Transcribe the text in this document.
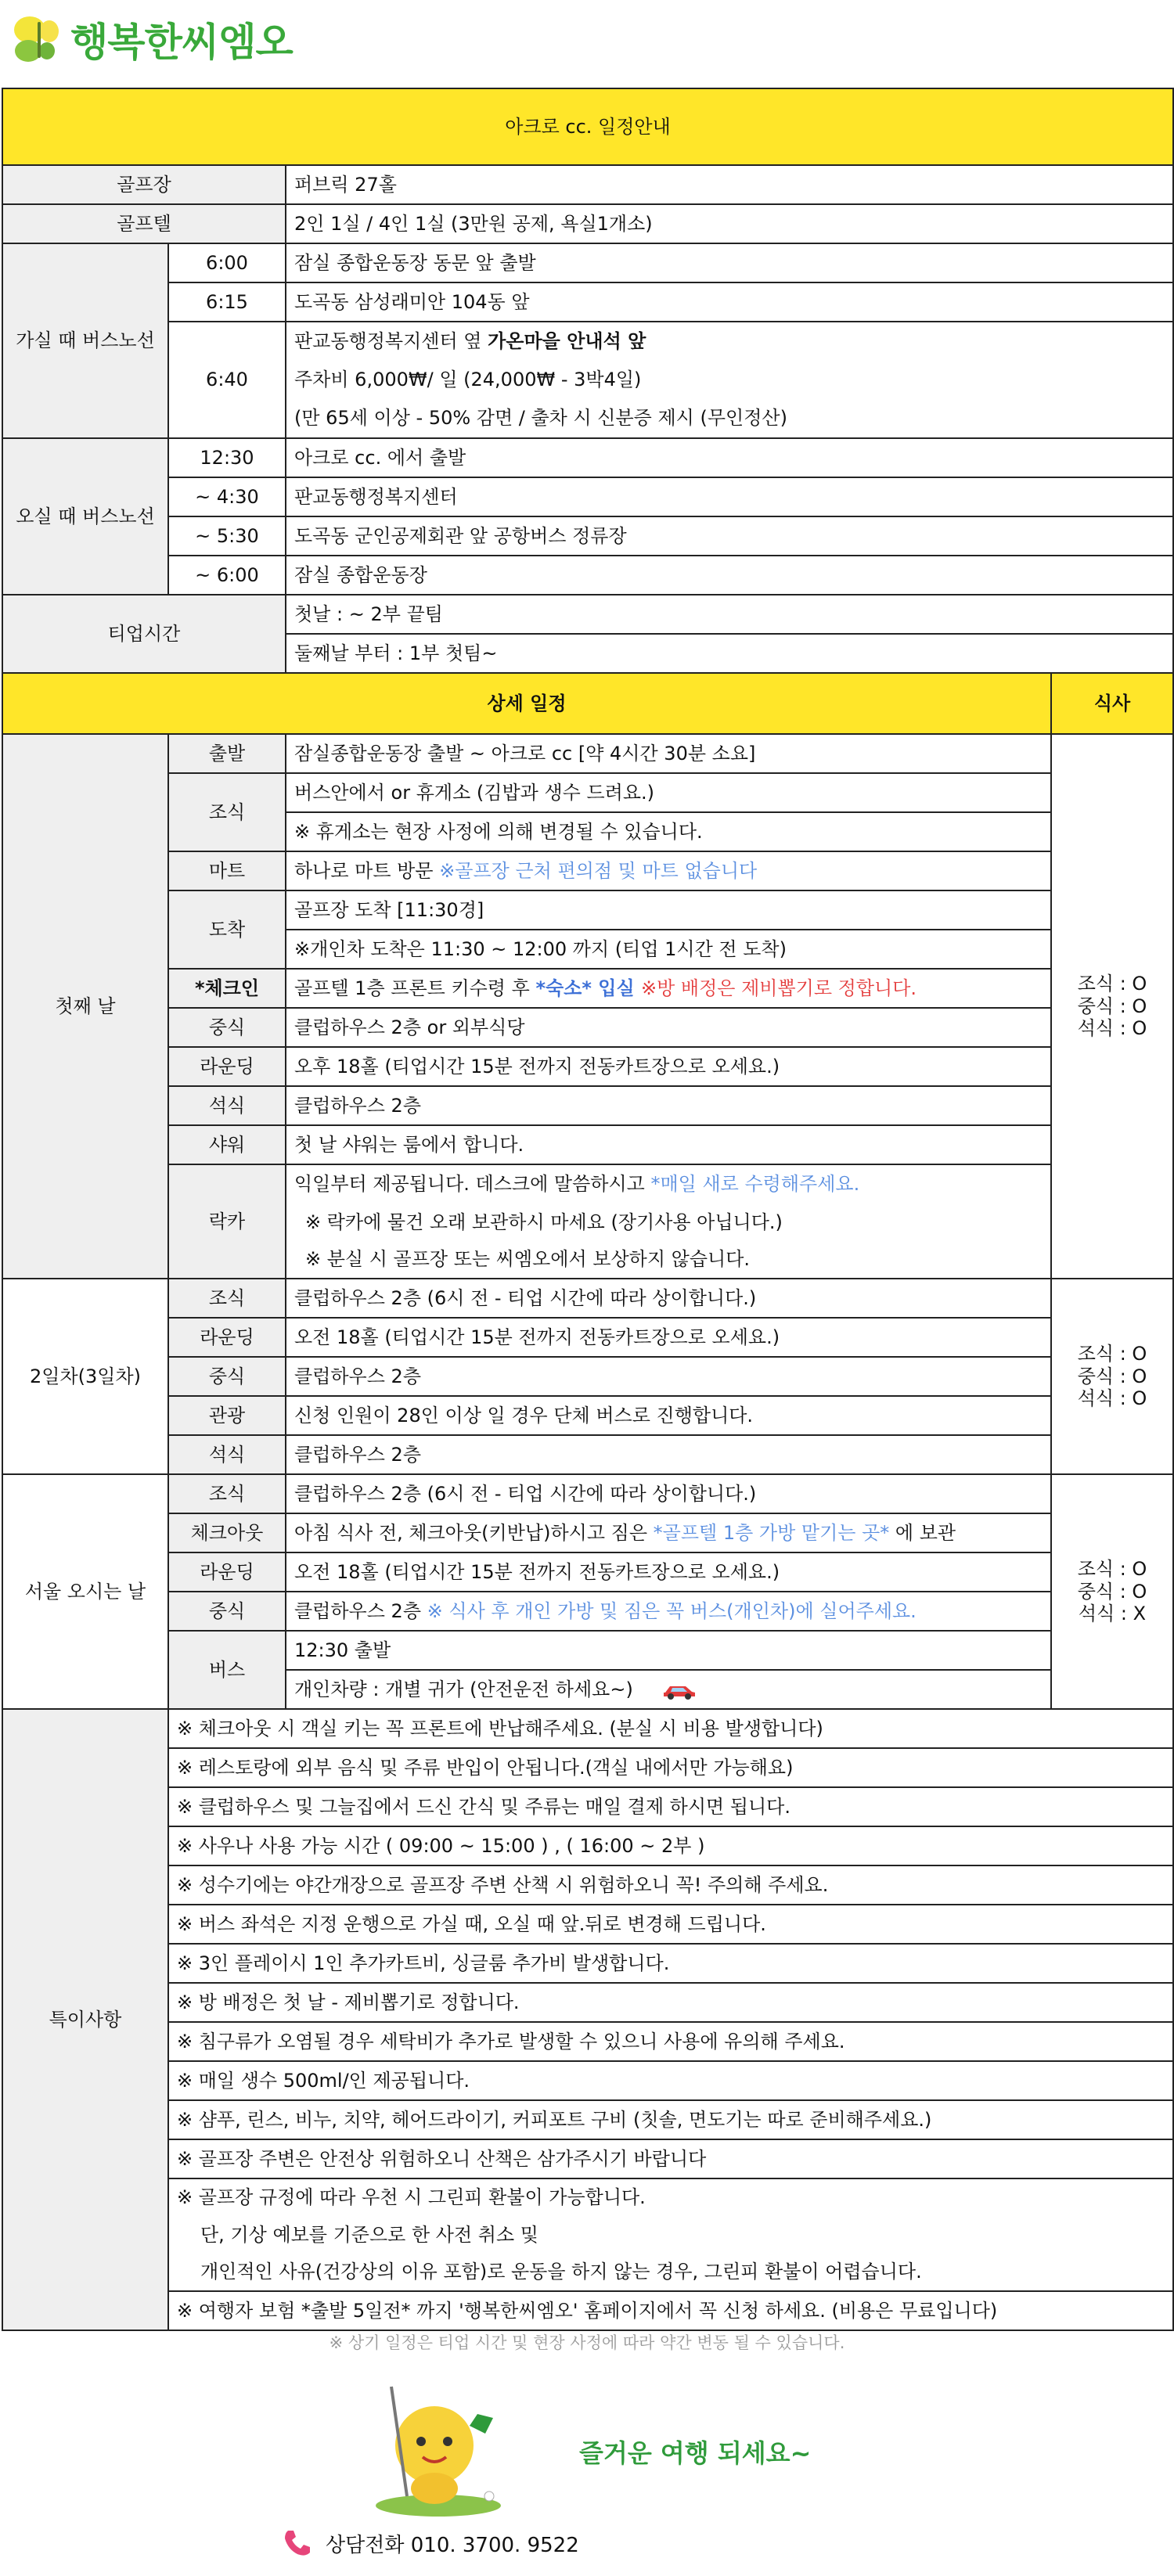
행복한씨엠오
아크로 cc. 일정안내			
골프장		퍼브릭 27홀	
골프텔		2인 1실 / 4인 1실 (3만원 공제, 욕실1개소)	
가실 때 버스노선	6:00	잠실 종합운동장 동문 앞 출발	
	6:15	도곡동 삼성래미안 104동 앞	
	6:40	판교동행정복지센터 옆 가온마을 안내석 앞
주차비 6,000₩/ 일 (24,000₩ - 3박4일)
(만 65세 이상 - 50% 감면 / 출차 시 신분증 제시 (무인정산)	

오실 때 버스노선	12:30	아크로 cc. 에서 출발	
	~ 4:30	판교동행정복지센터	
	~ 5:30	도곡동 군인공제회관 앞 공항버스 정류장	
	~ 6:00	잠실 종합운동장	
티업시간		첫날 : ~ 2부 끝팀	
		둘째날 부터 : 1부 첫팀~	
상세 일정			식사
첫째 날	출발	잠실종합운동장 출발 ~ 아크로 cc [약 4시간 30분 소요]	조식 : O
중식 : O
석식 : O

	조식	버스안에서 or 휴게소 (김밥과 생수 드려요.)	
		※ 휴게소는 현장 사정에 의해 변경될 수 있습니다.	
	마트	하나로 마트 방문 ※골프장 근처 편의점 및 마트 없습니다	
	도착	골프장 도착 [11:30경]	
		※개인차 도착은 11:30 ~ 12:00 까지 (티업 1시간 전 도착)	
	*체크인	골프텔 1층 프론트 키수령 후 *숙소* 입실 ※방 배정은 제비뽑기로 정합니다.	
	중식	클럽하우스 2층 or 외부식당	
	라운딩	오후 18홀 (티업시간 15분 전까지 전동카트장으로 오세요.)	
	석식	클럽하우스 2층	
	샤워	첫 날 샤워는 룸에서 합니다.	
	락카	익일부터 제공됩니다. 데스크에 말씀하시고 *매일 새로 수령해주세요.	
		※ 락카에 물건 오래 보관하시 마세요 (장기사용 아닙니다.)	
		※ 분실 시 골프장 또는 씨엠오에서 보상하지 않습니다.	
2일차(3일차)	조식	클럽하우스 2층 (6시 전 - 티업 시간에 따라 상이합니다.)	조식 : O
중식 : O
석식 : O

	라운딩	오전 18홀 (티업시간 15분 전까지 전동카트장으로 오세요.)	
	중식	클럽하우스 2층	
	관광	신청 인원이 28인 이상 일 경우 단체 버스로 진행합니다.	
	석식	클럽하우스 2층	
서울 오시는 날	조식	클럽하우스 2층 (6시 전 - 티업 시간에 따라 상이합니다.)	조식 : O
중식 : O
석식 : X

	체크아웃	아침 식사 전, 체크아웃(키반납)하시고 짐은 *골프텔 1층 가방 맡기는 곳* 에 보관	
	라운딩	오전 18홀 (티업시간 15분 전까지 전동카트장으로 오세요.)	
	중식	클럽하우스 2층 ※ 식사 후 개인 가방 및 짐은 꼭 버스(개인차)에 실어주세요.	
	버스	12:30 출발	
		개인차량 : 개별 귀가 (안전운전 하세요~)	
특이사항	※ 체크아웃 시 객실 키는 꼭 프론트에 반납해주세요. (분실 시 비용 발생합니다)		
	※ 레스토랑에 외부 음식 및 주류 반입이 안됩니다.(객실 내에서만 가능해요)		
	※ 클럽하우스 및 그늘집에서 드신 간식 및 주류는 매일 결제 하시면 됩니다.		
	※ 사우나 사용 가능 시간 ( 09:00 ~ 15:00 ) , ( 16:00 ~ 2부 )		
	※ 성수기에는 야간개장으로 골프장 주변 산책 시 위험하오니 꼭! 주의해 주세요.		
	※ 버스 좌석은 지정 운행으로 가실 때, 오실 때 앞.뒤로 변경해 드립니다.		
	※ 3인 플레이시 1인 추가카트비, 싱글룸 추가비 발생합니다.		
	※ 방 배정은 첫 날 - 제비뽑기로 정합니다.		
	※ 침구류가 오염될 경우 세탁비가 추가로 발생할 수 있으니 사용에 유의해 주세요.		
	※ 매일 생수 500ml/인 제공됩니다.		
	※ 샴푸, 린스, 비누, 치약, 헤어드라이기, 커피포트 구비 (칫솔, 면도기는 따로 준비해주세요.)		
	※ 골프장 주변은 안전상 위험하오니 산책은 삼가주시기 바랍니다		
	※ 골프장 규정에 따라 우천 시 그린피 환불이 가능합니다.		
	단, 기상 예보를 기준으로 한 사전 취소 및		
	개인적인 사유(건강상의 이유 포함)로 운동을 하지 않는 경우, 그린피 환불이 어렵습니다.		
	※ 여행자 보험 *출발 5일전* 까지 '행복한씨엠오' 홈페이지에서 꼭 신청 하세요. (비용은 무료입니다)		
※ 상기 일정은 티업 시간 및 현장 사정에 따라 약간 변동 될 수 있습니다.
즐거운 여행 되세요~
상담전화 010. 3700. 9522
